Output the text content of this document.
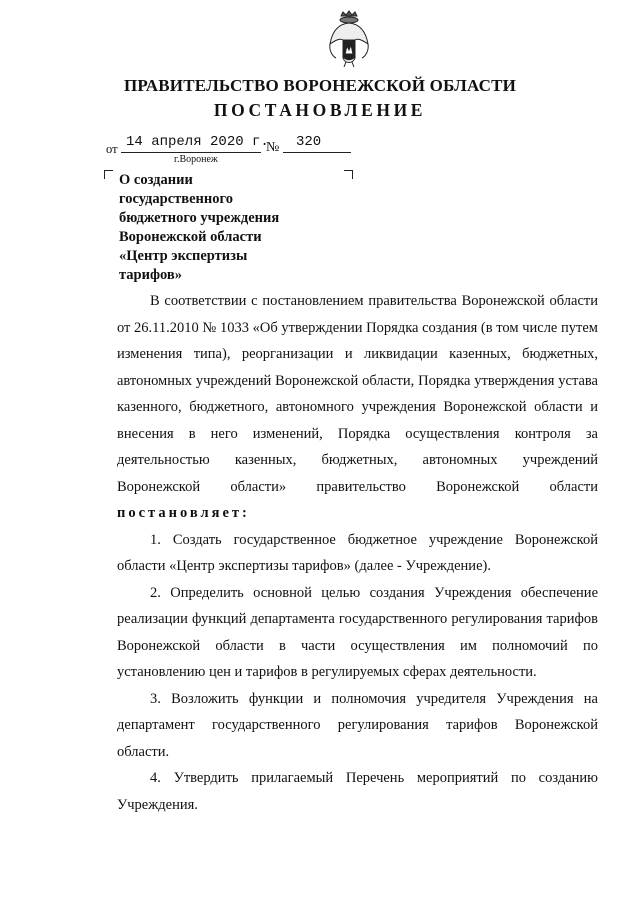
ПРАВИТЕЛЬСТВО ВОРОНЕЖСКОЙ ОБЛАСТИ
ПОСТАНОВЛЕНИЕ
от 14 апреля 2020 г.
№ 320
г.Воронеж
О создании
государственного
бюджетного учреждения
Воронежской области
«Центр экспертизы
тарифов»

В соответствии с постановлением правительства Воронежской области от 26.11.2010 № 1033 «Об утверждении Порядка создания (в том числе путем изменения типа), реорганизации и ликвидации казенных, бюджетных, автономных учреждений Воронежской области, Порядка утверждения устава казенного, бюджетного, автономного учреждения Воронежской области и внесения в него изменений, Порядка осуществления контроля за деятельностью казенных, бюджетных, автономных учреждений Воронежской области» правительство Воронежской области постановляет:

1. Создать государственное бюджетное учреждение Воронежской области «Центр экспертизы тарифов» (далее - Учреждение).

2. Определить основной целью создания Учреждения обеспечение реализации функций департамента государственного регулирования тарифов Воронежской области в части осуществления им полномочий по установлению цен и тарифов в регулируемых сферах деятельности.

3. Возложить функции и полномочия учредителя Учреждения на департамент государственного регулирования тарифов Воронежской области.

4. Утвердить прилагаемый Перечень мероприятий по созданию Учреждения.
